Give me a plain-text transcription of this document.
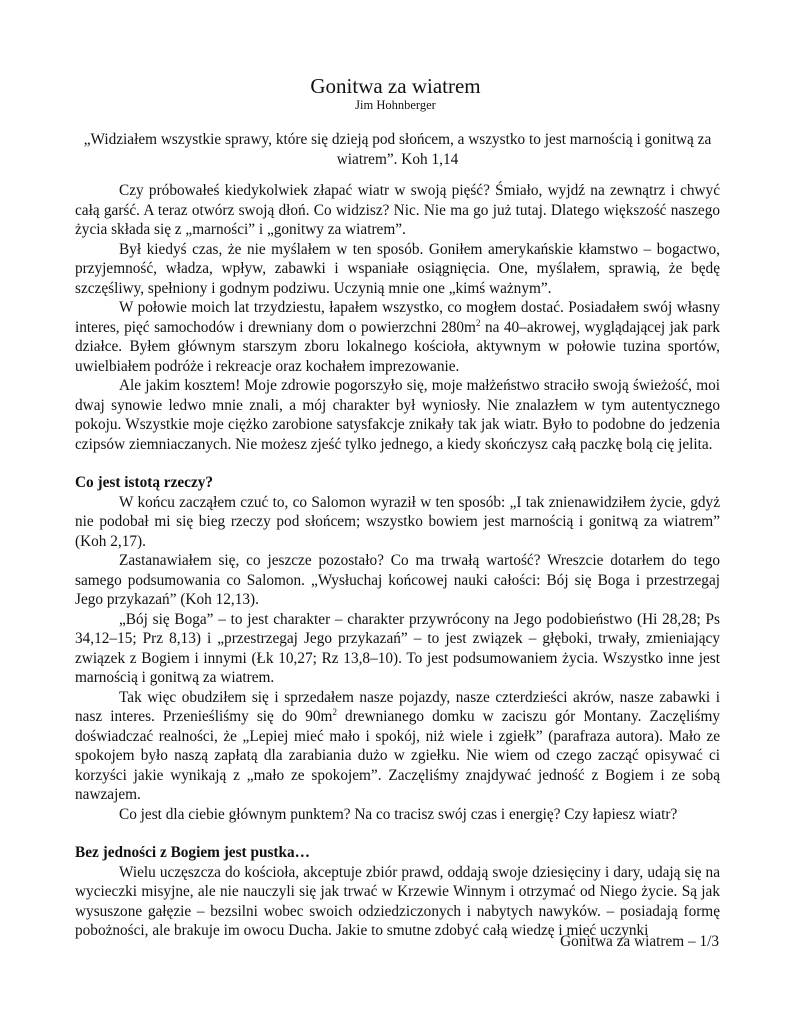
Gonitwa za wiatrem
Jim Hohnberger
„Widziałem wszystkie sprawy, które się dzieją pod słońcem, a wszystko to jest marnością i gonitwą za wiatrem”. Koh 1,14

Czy próbowałeś kiedykolwiek złapać wiatr w swoją pięść? Śmiało, wyjdź na zewnątrz i chwyć całą garść. A teraz otwórz swoją dłoń. Co widzisz? Nic. Nie ma go już tutaj. Dlatego większość naszego życia składa się z „marności” i „gonitwy za wiatrem”.

Był kiedyś czas, że nie myślałem w ten sposób. Goniłem amerykańskie kłamstwo – bogactwo, przyjemność, władza, wpływ, zabawki i wspaniałe osiągnięcia. One, myślałem, sprawią, że będę szczęśliwy, spełniony i godnym podziwu. Uczynią mnie one „kimś ważnym”.

W połowie moich lat trzydziestu, łapałem wszystko, co mogłem dostać. Posiadałem swój własny interes, pięć samochodów i drewniany dom o powierzchni $280m^2$ na 40–akrowej, wyglądającej jak park działce. Byłem głównym starszym zboru lokalnego kościoła, aktywnym w połowie tuzina sportów, uwielbiałem podróże i rekreacje oraz kochałem imprezowanie.

Ale jakim kosztem! Moje zdrowie pogorszyło się, moje małżeństwo straciło swoją świeżość, moi dwaj synowie ledwo mnie znali, a mój charakter był wyniosły. Nie znalazłem w tym autentycznego pokoju. Wszystkie moje ciężko zarobione satysfakcje znikały tak jak wiatr. Było to podobne do jedzenia czipsów ziemniaczanych. Nie możesz zjeść tylko jednego, a kiedy skończysz całą paczkę bolą cię jelita.

Co jest istotą rzeczy?

W końcu zacząłem czuć to, co Salomon wyraził w ten sposób: „I tak znienawidziłem życie, gdyż nie podobał mi się bieg rzeczy pod słońcem; wszystko bowiem jest marnością i gonitwą za wiatrem” (Koh 2,17).

Zastanawiałem się, co jeszcze pozostało? Co ma trwałą wartość? Wreszcie dotarłem do tego samego podsumowania co Salomon. „Wysłuchaj końcowej nauki całości: Bój się Boga i przestrzegaj Jego przykazań” (Koh 12,13).

„Bój się Boga” – to jest charakter – charakter przywrócony na Jego podobieństwo (Hi 28,28; Ps 34,12–15; Prz 8,13) i „przestrzegaj Jego przykazań” – to jest związek – głęboki, trwały, zmieniający związek z Bogiem i innymi (Łk 10,27; Rz 13,8–10). To jest podsumowaniem życia. Wszystko inne jest marnością i gonitwą za wiatrem.

Tak więc obudziłem się i sprzedałem nasze pojazdy, nasze czterdzieści akrów, nasze zabawki i nasz interes. Przenieśliśmy się do $90m^2$ drewnianego domku w zaciszu gór Montany. Zaczęliśmy doświadczać realności, że „Lepiej mieć mało i spokój, niż wiele i zgiełk” (parafraza autora). Mało ze spokojem było naszą zapłatą dla zarabiania dużo w zgiełku. Nie wiem od czego zacząć opisywać ci korzyści jakie wynikają z „mało ze spokojem”. Zaczęliśmy znajdywać jedność z Bogiem i ze sobą nawzajem.

Co jest dla ciebie głównym punktem? Na co tracisz swój czas i energię? Czy łapiesz wiatr?

Bez jedności z Bogiem jest pustka…

Wielu uczęszcza do kościoła, akceptuje zbiór prawd, oddają swoje dziesięciny i dary, udają się na wycieczki misyjne, ale nie nauczyli się jak trwać w Krzewie Winnym i otrzymać od Niego życie. Są jak wysuszone gałęzie – bezsilni wobec swoich odziedziczonych i nabytych nawyków. – posiadają formę pobożności, ale brakuje im owocu Ducha. Jakie to smutne zdobyć całą wiedzę i mieć uczynki

Gonitwa za wiatrem – 1/3
